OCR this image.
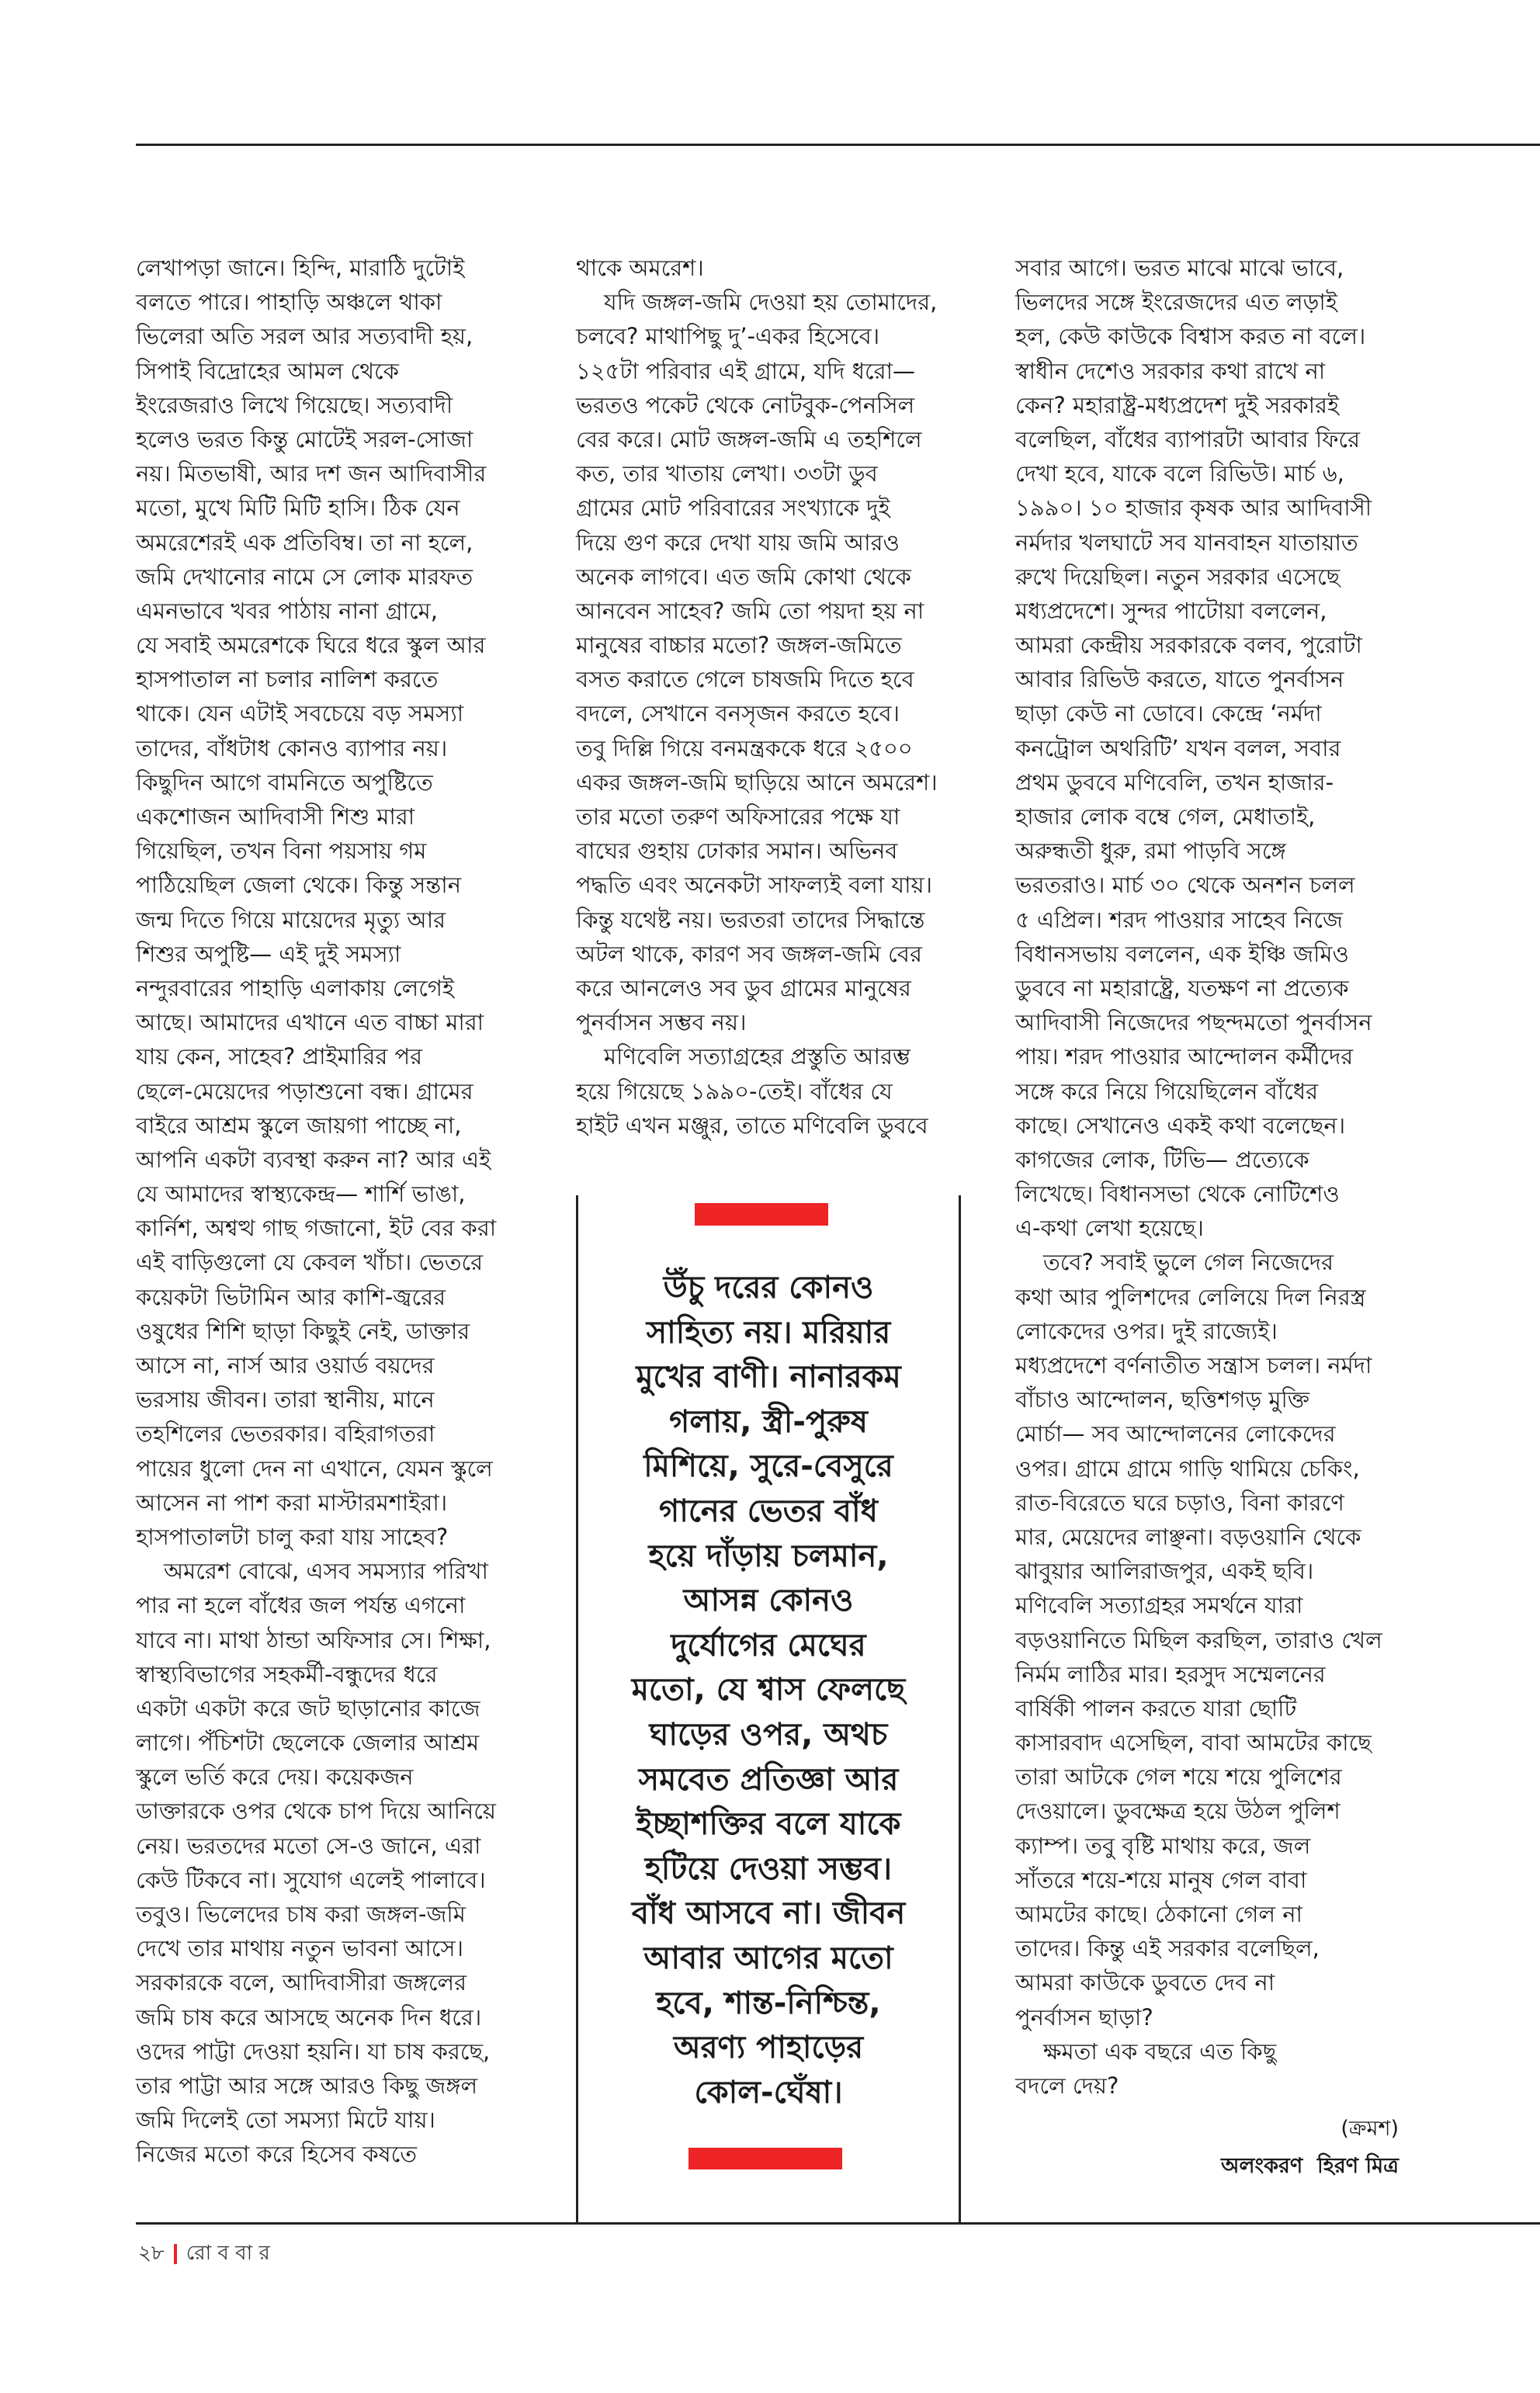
লেখাপড়া জানে। হিন্দি, মারাঠি দুটোই
বলতে পারে। পাহাড়ি অঞ্চলে থাকা
ভিলেরা অতি সরল আর সত্যবাদী হয়,
সিপাই বিদ্রোহের আমল থেকে
ইংরেজরাও লিখে গিয়েছে। সত্যবাদী
হলেও ভরত কিন্তু মোটেই সরল-সোজা
নয়। মিতভাষী, আর দশ জন আদিবাসীর
মতো, মুখে মিটি মিটি হাসি। ঠিক যেন
অমরেশেরই এক প্রতিবিম্ব। তা না হলে,
জমি দেখানোর নামে সে লোক মারফত
এমনভাবে খবর পাঠায় নানা গ্রামে,
যে সবাই অমরেশকে ঘিরে ধরে স্কুল আর
হাসপাতাল না চলার নালিশ করতে
থাকে। যেন এটাই সবচেয়ে বড় সমস্যা
তাদের, বাঁধটাধ কোনও ব্যাপার নয়।
কিছুদিন আগে বামনিতে অপুষ্টিতে
একশোজন আদিবাসী শিশু মারা
গিয়েছিল, তখন বিনা পয়সায় গম
পাঠিয়েছিল জেলা থেকে। কিন্তু সন্তান
জন্ম দিতে গিয়ে মায়েদের মৃত্যু আর
শিশুর অপুষ্টি— এই দুই সমস্যা
নন্দুরবারের পাহাড়ি এলাকায় লেগেই
আছে। আমাদের এখানে এত বাচ্চা মারা
যায় কেন, সাহেব? প্রাইমারির পর
ছেলে-মেয়েদের পড়াশুনো বন্ধ। গ্রামের
বাইরে আশ্রম স্কুলে জায়গা পাচ্ছে না,
আপনি একটা ব্যবস্থা করুন না? আর এই
যে আমাদের স্বাস্থ্যকেন্দ্র— শার্শি ভাঙা,
কার্নিশ, অশ্বত্থ গাছ গজানো, ইট বের করা
এই বাড়িগুলো যে কেবল খাঁচা। ভেতরে
কয়েকটা ভিটামিন আর কাশি-জ্বরের
ওষুধের শিশি ছাড়া কিছুই নেই, ডাক্তার
আসে না, নার্স আর ওয়ার্ড বয়দের
ভরসায় জীবন। তারা স্থানীয়, মানে
তহশিলের ভেতরকার। বহিরাগতরা
পায়ের ধুলো দেন না এখানে, যেমন স্কুলে
আসেন না পাশ করা মাস্টারমশাইরা।
হাসপাতালটা চালু করা যায় সাহেব?
অমরেশ বোঝে, এসব সমস্যার পরিখা
পার না হলে বাঁধের জল পর্যন্ত এগনো
যাবে না। মাথা ঠান্ডা অফিসার সে। শিক্ষা,
স্বাস্থ্যবিভাগের সহকর্মী-বন্ধুদের ধরে
একটা একটা করে জট ছাড়ানোর কাজে
লাগে। পঁচিশটা ছেলেকে জেলার আশ্রম
স্কুলে ভর্তি করে দেয়। কয়েকজন
ডাক্তারকে ওপর থেকে চাপ দিয়ে আনিয়ে
নেয়। ভরতদের মতো সে-ও জানে, এরা
কেউ টিকবে না। সুযোগ এলেই পালাবে।
তবুও। ভিলেদের চাষ করা জঙ্গল-জমি
দেখে তার মাথায় নতুন ভাবনা আসে।
সরকারকে বলে, আদিবাসীরা জঙ্গলের
জমি চাষ করে আসছে অনেক দিন ধরে।
ওদের পাট্টা দেওয়া হয়নি। যা চাষ করছে,
তার পাট্টা আর সঙ্গে আরও কিছু জঙ্গল
জমি দিলেই তো সমস্যা মিটে যায়।
নিজের মতো করে হিসেব কষতে
থাকে অমরেশ।
যদি জঙ্গল-জমি দেওয়া হয় তোমাদের,
চলবে? মাথাপিছু দু’-একর হিসেবে।
১২৫টা পরিবার এই গ্রামে, যদি ধরো—
ভরতও পকেট থেকে নোটবুক-পেনসিল
বের করে। মোট জঙ্গল-জমি এ তহশিলে
কত, তার খাতায় লেখা। ৩৩টা ডুব
গ্রামের মোট পরিবারের সংখ্যাকে দুই
দিয়ে গুণ করে দেখা যায় জমি আরও
অনেক লাগবে। এত জমি কোথা থেকে
আনবেন সাহেব? জমি তো পয়দা হয় না
মানুষের বাচ্চার মতো? জঙ্গল-জমিতে
বসত করাতে গেলে চাষজমি দিতে হবে
বদলে, সেখানে বনসৃজন করতে হবে।
তবু দিল্লি গিয়ে বনমন্ত্রককে ধরে ২৫০০
একর জঙ্গল-জমি ছাড়িয়ে আনে অমরেশ।
তার মতো তরুণ অফিসারের পক্ষে যা
বাঘের গুহায় ঢোকার সমান। অভিনব
পদ্ধতি এবং অনেকটা সাফল্যই বলা যায়।
কিন্তু যথেষ্ট নয়। ভরতরা তাদের সিদ্ধান্তে
অটল থাকে, কারণ সব জঙ্গল-জমি বের
করে আনলেও সব ডুব গ্রামের মানুষের
পুনর্বাসন সম্ভব নয়।
মণিবেলি সত্যাগ্রহের প্রস্তুতি আরম্ভ
হয়ে গিয়েছে ১৯৯০-তেই। বাঁধের যে
হাইট এখন মঞ্জুর, তাতে মণিবেলি ডুববে
সবার আগে। ভরত মাঝে মাঝে ভাবে,
ভিলদের সঙ্গে ইংরেজদের এত লড়াই
হল, কেউ কাউকে বিশ্বাস করত না বলে।
স্বাধীন দেশেও সরকার কথা রাখে না
কেন? মহারাষ্ট্র-মধ্যপ্রদেশ দুই সরকারই
বলেছিল, বাঁধের ব্যাপারটা আবার ফিরে
দেখা হবে, যাকে বলে রিভিউ। মার্চ ৬,
১৯৯০। ১০ হাজার কৃষক আর আদিবাসী
নর্মদার খলঘাটে সব যানবাহন যাতায়াত
রুখে দিয়েছিল। নতুন সরকার এসেছে
মধ্যপ্রদেশে। সুন্দর পাটোয়া বললেন,
আমরা কেন্দ্রীয় সরকারকে বলব, পুরোটা
আবার রিভিউ করতে, যাতে পুনর্বাসন
ছাড়া কেউ না ডোবে। কেন্দ্রে ‘নর্মদা
কনট্রোল অথরিটি’ যখন বলল, সবার
প্রথম ডুববে মণিবেলি, তখন হাজার-
হাজার লোক বম্বে গেল, মেধাতাই,
অরুন্ধতী ধুরু, রমা পাড়বি সঙ্গে
ভরতরাও। মার্চ ৩০ থেকে অনশন চলল
৫ এপ্রিল। শরদ পাওয়ার সাহেব নিজে
বিধানসভায় বললেন, এক ইঞ্চি জমিও
ডুববে না মহারাষ্ট্রে, যতক্ষণ না প্রত্যেক
আদিবাসী নিজেদের পছন্দমতো পুনর্বাসন
পায়। শরদ পাওয়ার আন্দোলন কর্মীদের
সঙ্গে করে নিয়ে গিয়েছিলেন বাঁধের
কাছে। সেখানেও একই কথা বলেছেন।
কাগজের লোক, টিভি— প্রত্যেকে
লিখেছে। বিধানসভা থেকে নোটিশেও
এ-কথা লেখা হয়েছে।
তবে? সবাই ভুলে গেল নিজেদের
কথা আর পুলিশদের লেলিয়ে দিল নিরস্ত্র
লোকেদের ওপর। দুই রাজ্যেই।
মধ্যপ্রদেশে বর্ণনাতীত সন্ত্রাস চলল। নর্মদা
বাঁচাও আন্দোলন, ছত্তিশগড় মুক্তি
মোর্চা— সব আন্দোলনের লোকেদের
ওপর। গ্রামে গ্রামে গাড়ি থামিয়ে চেকিং,
রাত-বিরেতে ঘরে চড়াও, বিনা কারণে
মার, মেয়েদের লাঞ্ছনা। বড়ওয়ানি থেকে
ঝাবুয়ার আলিরাজপুর, একই ছবি।
মণিবেলি সত্যাগ্রহর সমর্থনে যারা
বড়ওয়ানিতে মিছিল করছিল, তারাও খেল
নির্মম লাঠির মার। হরসুদ সম্মেলনের
বার্ষিকী পালন করতে যারা ছোটি
কাসারবাদ এসেছিল, বাবা আমটের কাছে
তারা আটকে গেল শয়ে শয়ে পুলিশের
দেওয়ালে। ডুবক্ষেত্র হয়ে উঠল পুলিশ
ক্যাম্প। তবু বৃষ্টি মাথায় করে, জল
সাঁতরে শয়ে-শয়ে মানুষ গেল বাবা
আমটের কাছে। ঠেকানো গেল না
তাদের। কিন্তু এই সরকার বলেছিল,
আমরা কাউকে ডুবতে দেব না
পুনর্বাসন ছাড়া?
ক্ষমতা এক বছরে এত কিছু
বদলে দেয়?
উঁচু দরের কোনও
সাহিত্য নয়। মরিয়ার
মুখের বাণী। নানারকম
গলায়, স্ত্রী-পুরুষ
মিশিয়ে, সুরে-বেসুরে
গানের ভেতর বাঁধ
হয়ে দাঁড়ায় চলমান,
আসন্ন কোনও
দুর্যোগের মেঘের
মতো, যে শ্বাস ফেলছে
ঘাড়ের ওপর, অথচ
সমবেত প্রতিজ্ঞা আর
ইচ্ছাশক্তির বলে যাকে
হটিয়ে দেওয়া সম্ভব।
বাঁধ আসবে না। জীবন
আবার আগের মতো
হবে, শান্ত-নিশ্চিন্ত,
অরণ্য পাহাড়ের
কোল-ঘেঁষা।
(ক্রমশ)
অলংকরণ  হিরণ মিত্র
২৮ রো ব বা র
